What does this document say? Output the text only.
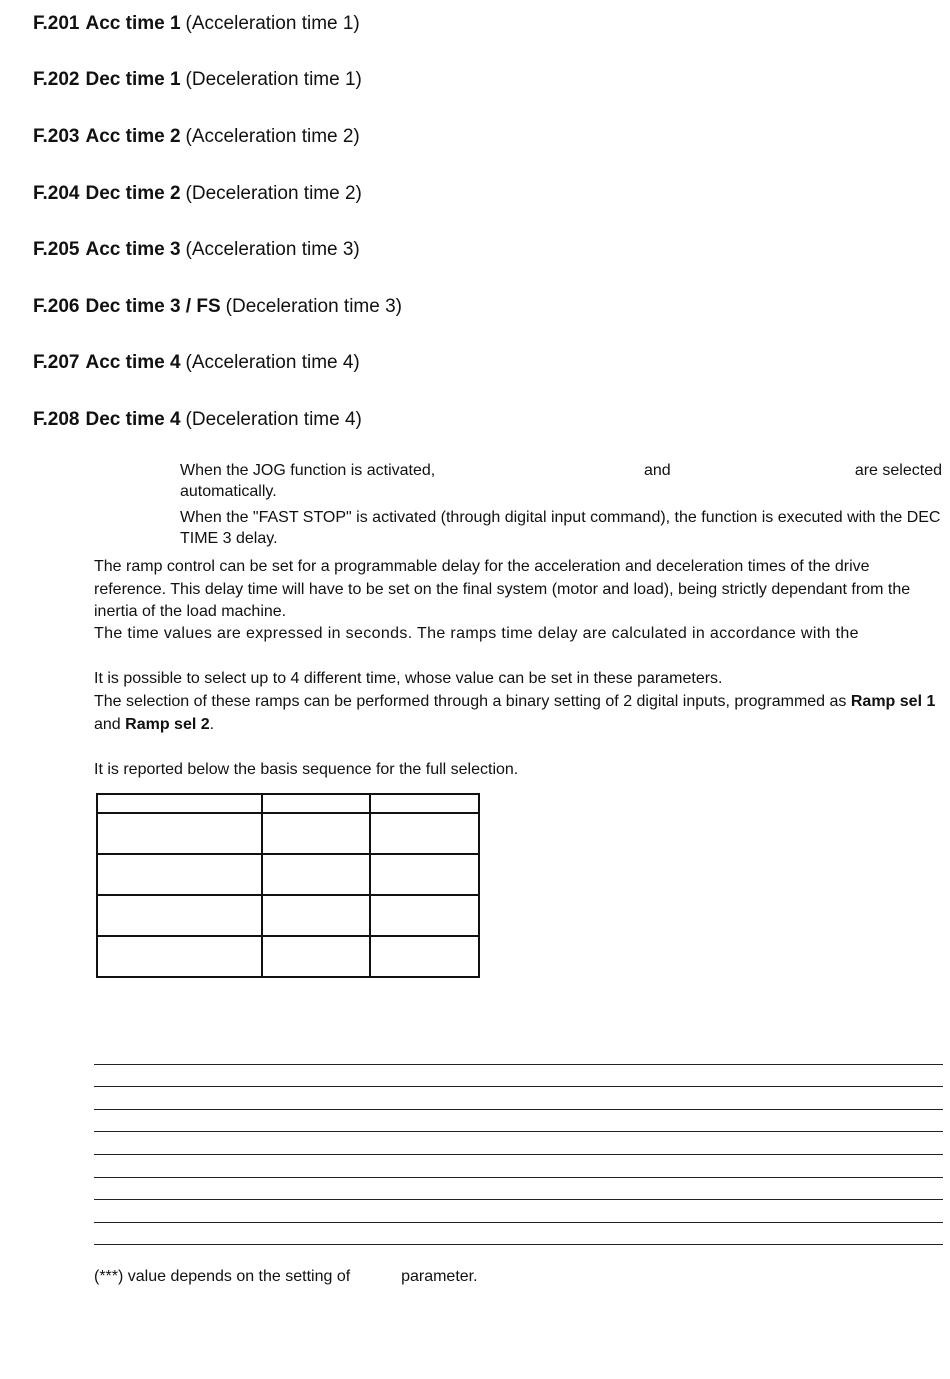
F.201 Acc time 1 (Acceleration time 1)
F.202 Dec time 1 (Deceleration time 1)
F.203 Acc time 2 (Acceleration time 2)
F.204 Dec time 2 (Deceleration time 2)
F.205 Acc time 3 (Acceleration time 3)
F.206 Dec time 3 / FS (Deceleration time 3)
F.207 Acc time 4 (Acceleration time 4)
F.208 Dec time 4 (Deceleration time 4)
When the JOG function is activated,	and	are selected
automatically.
When the "FAST STOP" is activated (through digital input command), the function is executed with the DEC TIME 3 delay.
The ramp control can be set for a programmable delay for the acceleration and deceleration times of the drive reference. This delay time will have to be set on the final system (motor and load), being strictly dependant from the inertia of the load machine.
The time values are expressed in seconds. The ramps time delay are calculated in accordance with the
It is possible to select up to 4 different time, whose value can be set in these parameters.
The selection of these ramps can be performed through a binary setting of 2 digital inputs, programmed as Ramp sel 1 and Ramp sel 2.
It is reported below the basis sequence for the full selection.

(***) value depends on the setting of	parameter.
